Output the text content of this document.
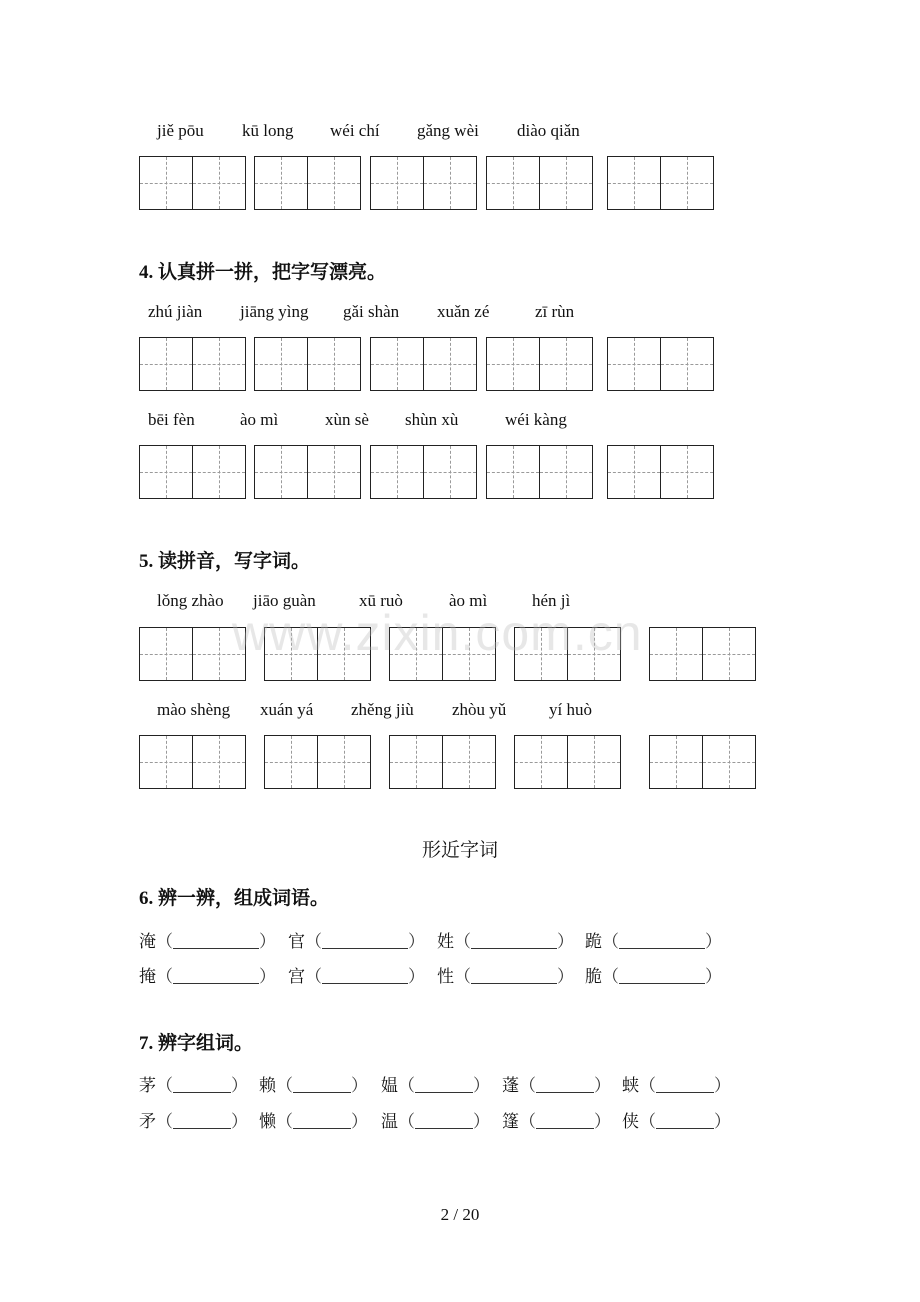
jiě pōu kū long wéi chí gǎng wèi diào qiǎn
4. 认真拼一拼，把字写漂亮。
zhú jiàn jiāng yìng gǎi shàn xuǎn zé	zī rùn
bēi fèn	ào mì	xùn sè shùn xù	wéi kàng
5. 读拼音，写字词。
lǒng zhào jiāo guàn	xū ruò	ào mì	hén jì
mào shèng xuán yá zhěng jiù zhòu yǔ	yí huò
www.zixin.com.cn
形近字词
6. 辨一辨，组成词语。
淹（	） 官（	） 姓（	） 跪（	）
掩（	） 宫（	） 性（	） 脆（	）
7. 辨字组词。
茅（	） 赖（	） 媪（	） 蓬（	） 蛱（	）
矛（	） 懒（	） 温（	） 篷（	） 侠（	）
2 / 20
